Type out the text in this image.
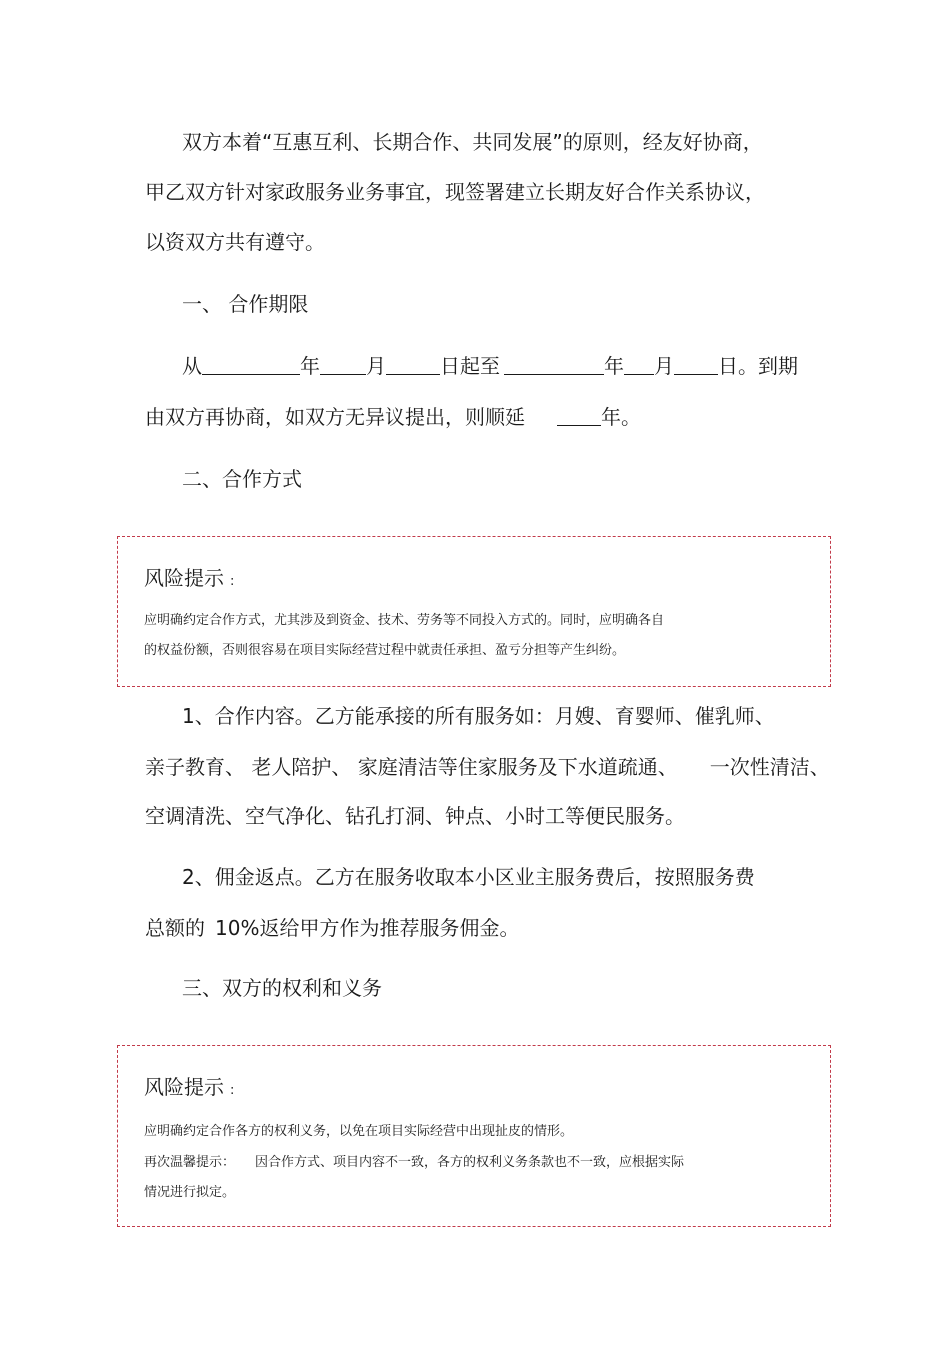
双方本着“互惠互利、长期合作、共同发展”的原则，经友好协商，
甲乙双方针对家政服务业务事宜，现签署建立长期友好合作关系协议，
以资双方共有遵守。
一、 合作期限
从	年 月	日起至	年 月 日。到期
由双方再协商，如双方无异议提出，则顺延	年。
二、合作方式
风险提示 :
应明确约定合作方式，尤其涉及到资金、技术、劳务等不同投入方式的。同时，应明确各自
的权益份额，否则很容易在项目实际经营过程中就责任承担、盈亏分担等产生纠纷。
1、合作内容。乙方能承接的所有服务如：月嫂、育婴师、催乳师、
亲子教育、 老人陪护、 家庭清洁等住家服务及下水道疏通、 一次性清洁、
空调清洗、空气净化、钻孔打洞、钟点、小时工等便民服务。
2、佣金返点。乙方在服务收取本小区业主服务费后，按照服务费
总额的 10%返给甲方作为推荐服务佣金。
三、双方的权利和义务
风险提示 :
应明确约定合作各方的权利义务，以免在项目实际经营中出现扯皮的情形。
再次温馨提示： 因合作方式、项目内容不一致，各方的权利义务条款也不一致，应根据实际
情况进行拟定。
